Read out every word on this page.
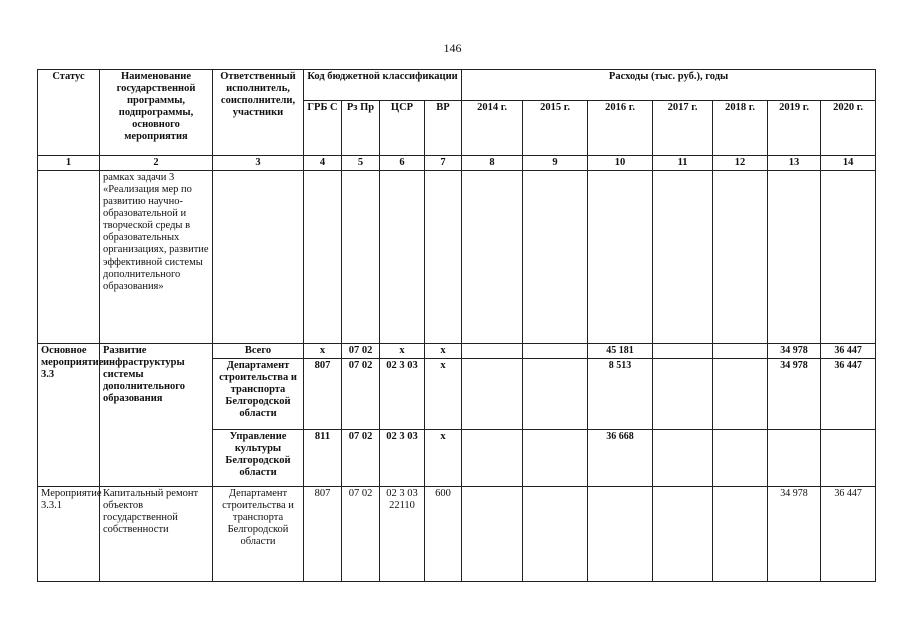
146
Статус	Наименование государственной программы, подпрограммы, основного мероприятия	Ответственный исполнитель, соисполнители, участники	Код бюджетной классификации				Расходы (тыс. руб.), годы						
			ГРБ С	Рз Пр	ЦСР	ВР	2014 г.	2015 г.	2016 г.	2017 г.	2018 г.	2019 г.	2020 г.
1	2	3	4	5	6	7	8	9	10	11	12	13	14
	рамках задачи 3 «Реализация мер по развитию научно-образовательной и творческой среды в образовательных организациях, развитие эффективной системы дополнительного образования»												
Основное мероприятие 3.3	Развитие инфраструктуры системы дополнительного образования	Всего	х	07 02	х	х			45 181			34 978	36 447
		Департамент строительства и транспорта Белгородской области	807	07 02	02 3 03	х			8 513			34 978	36 447
		Управление культуры Белгородской области	811	07 02	02 3 03	х			36 668				
Мероприятие 3.3.1	Капитальный ремонт объектов государственной собственности	Департамент строительства и транспорта Белгородской области	807	07 02	02 3 03 22110	600						34 978	36 447
